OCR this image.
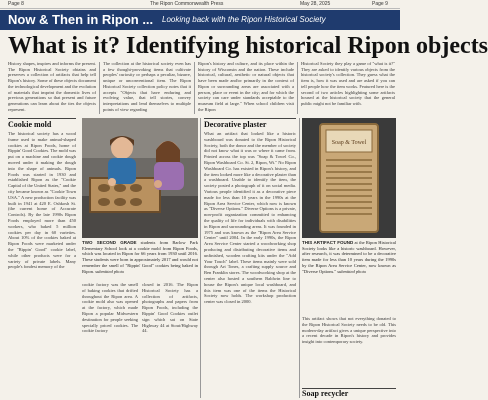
Page 8	The Ripon Commonwealth Press	May 28, 2025	Page 9
Now & Then in Ripon ... Looking back with the Ripon Historical Society
What is it? Identifying historical Ripon objects
History shapes, inspires and informs the present. The Ripon Historical Society obtains and preserves a collection of artifacts that help tell Ripon's history. Some of these objects document the technological development and the evolution of materials that imprint the domestic lives of previous generations so that present and future generations can learn about the ties the objects represent.
The collection at the historical society even has a few thought-provoking items that cultivate peoples' curiosity or perhaps a peculiar, bizarre, unique or unconventional item. The Ripon Historical Society collection policy notes that it accepts "Objects that have enduring and evolving value, that tell stories, convey interpretations and lend themselves to multiple points of view regarding
Ripon's history and culture, and its place within the history of Wisconsin and the nation. These include historical, cultural, aesthetic or natural objects that have been made and/or primarily in the context of Ripon or surrounding areas are associated with a person, place or event in the city; and for which the society can care under standards acceptable to the museum field at large." When school children visit the Ripon
Historical Society they play a game of "what is it?" They are asked to identify various objects from the historical society's collection. They guess what the item is, how it was used and are asked if you can tell people how the item works. Featured here is the second of two articles highlighting some artifacts housed at the historical society that the general public might not be familiar with.
Cookie mold
The historical society has a wood frame used to make animal-shaped cookies at Ripon Foods, home of Rippin' Good Cookies. The mold was put on a machine and cookie dough moved under it making the dough into the shape of animals. Ripon Foods was started in 1930 and established Ripon as the "Cookie Capital of the United States," and the city became known as "Cookie Town USA." A new production facility was built in 1941 at 420 E. Oshkosh St. (the current home of Accurate Controls). By the late 1990s Ripon Foods employed more than 450 workers, who baked 5 million cookies per day in 60 varieties. About 10% of the cookies baked at Ripon Foods were marketed under the "Rippin' Good" cookie label, while other products were for a variety of private labels. Many people's fondest memory of the
TWO SECOND GRADE students from Barlow Park Elementary School look at a cookie mold from Ripon Foods, which was located in Ripon for 66 years from 1930 until 2016. These students were born in approximately 2017 and would not remember the smell of "Rippin' Good" cookies being baked in Ripon. submitted photo
cookie factory was the smell of baking cookies that drifted throughout the Ripon area. A cookie mold also was opened at the factory, which made Ripon a popular Midwestern destination for people seeking specially priced cookies. The cookie factory
closed in 2016. The Ripon Historical Society has a collection of artifacts, photographs and papers from Ripon Foods, including the Rippin' Good Cookies outlet sign which sat on State Highway 44 at Stout/Highway 44.
Decorative plaster
What an artifact that looked like a historic washboard was donated to the Ripon Historical Society, both the donor and the member of society did not know what it was or where it came from. Printed across the top was "Soap & Towel Co., Ripon Washboard Co. St. 2, Ripon, Wi." No Ripon Washboard Co. has existed in Ripon's history, and the item looked more like a decorative plaster than a washboard. Unable to identify the item, the society posted a photograph of it on social media. Various people identified it as a decorative piece made for less than 10 years in the 1990s at the Ripon Area Service Center, which now is known as "Diverse Options." Diverse Options is a private, non-profit organization committed to enhancing the quality of life for individuals with disabilities in Ripon and surrounding areas. It was founded in 1975 and was known as the "Ripon Area Service Center" until 2004. In the early 1990s, the Ripon Area Service Center started a woodworking shop producing and distributing decorative items and unfinished, wooden crafting kits under the "Add Your Touch" label. These items mainly were sold through Art Tones, a crafting supply source and Ben Franklin stores. The woodworking shop at the center also hosted a southern Baldwin line to house the Ripon's unique local washboard, and this item was one of the items the Historical Society now holds. The workshop production center was closed in 2000.
Soap & Towel
THIS ARTIFACT FOUND at the Ripon Historical Society looks like a historic washboard. However, after research, it was determined to be a decorative item made for less than 10 years during the 1990s by the Ripon Area Service Center, now known as "Diverse Options." submitted photo
This artifact shows that not everything donated to the Ripon Historical Society needs to be old. This modern-day artifact gives a unique perspective into a recent decade in Ripon's history and provides insight into contemporary society.
Soap recycler
